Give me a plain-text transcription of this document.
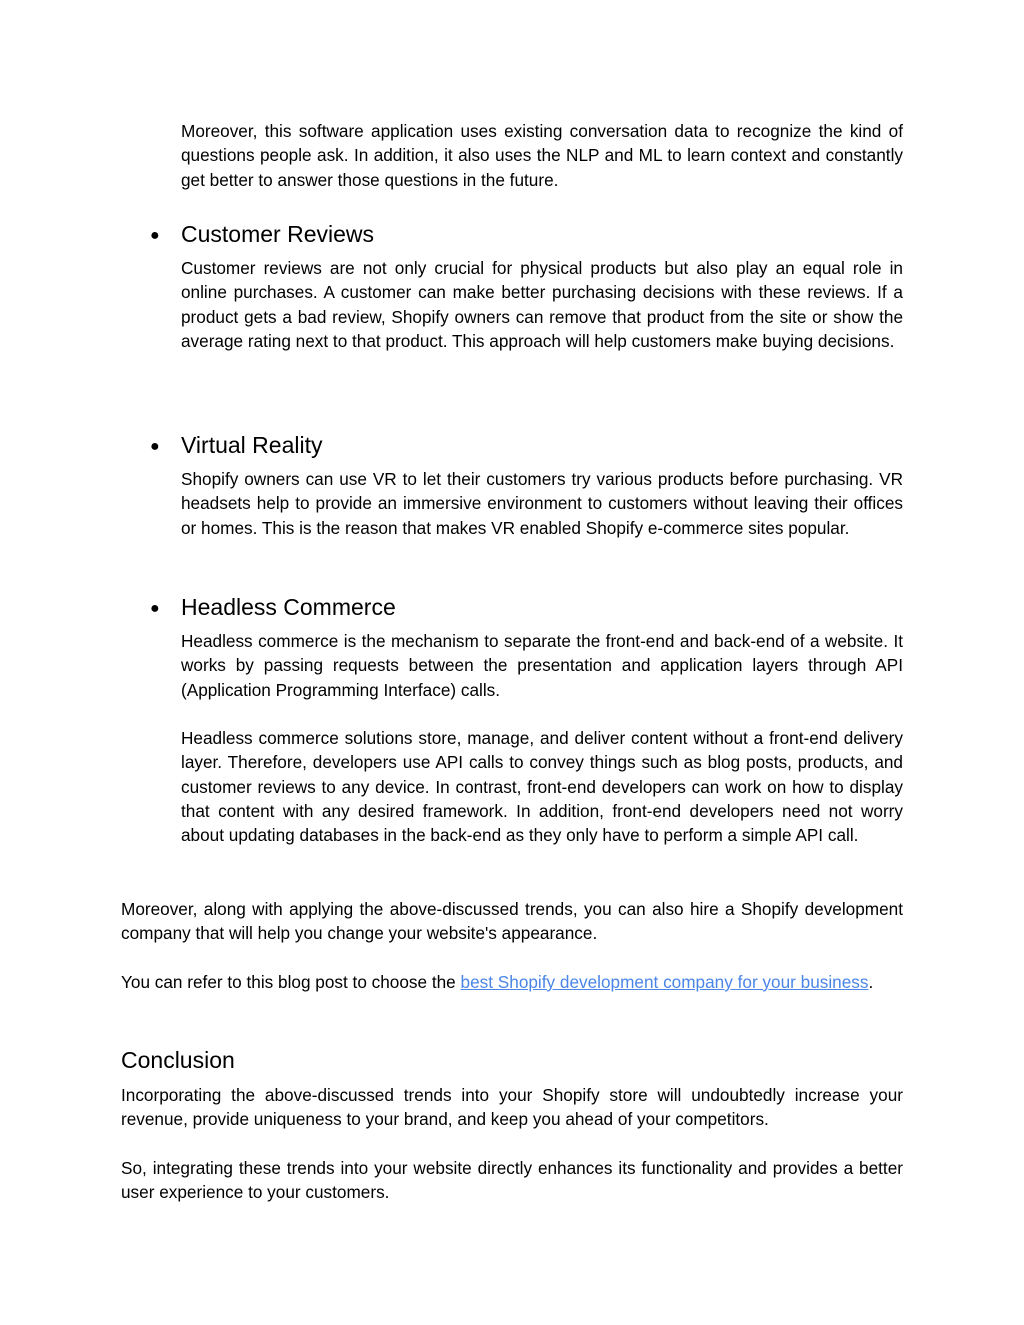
Moreover, this software application uses existing conversation data to recognize the kind of questions people ask. In addition, it also uses the NLP and ML to learn context and constantly get better to answer those questions in the future.

● Customer Reviews

Customer reviews are not only crucial for physical products but also play an equal role in online purchases. A customer can make better purchasing decisions with these reviews. If a product gets a bad review, Shopify owners can remove that product from the site or show the average rating next to that product. This approach will help customers make buying decisions.

● Virtual Reality

Shopify owners can use VR to let their customers try various products before purchasing. VR headsets help to provide an immersive environment to customers without leaving their offices or homes. This is the reason that makes VR enabled Shopify e-commerce sites popular.

● Headless Commerce

Headless commerce is the mechanism to separate the front-end and back-end of a website. It works by passing requests between the presentation and application layers through API (Application Programming Interface) calls.

Headless commerce solutions store, manage, and deliver content without a front-end delivery layer. Therefore, developers use API calls to convey things such as blog posts, products, and customer reviews to any device. In contrast, front-end developers can work on how to display that content with any desired framework. In addition, front-end developers need not worry about updating databases in the back-end as they only have to perform a simple API call.

Moreover, along with applying the above-discussed trends, you can also hire a Shopify development company that will help you change your website's appearance.

You can refer to this blog post to choose the best Shopify development company for your business.

Conclusion

Incorporating the above-discussed trends into your Shopify store will undoubtedly increase your revenue, provide uniqueness to your brand, and keep you ahead of your competitors.

So, integrating these trends into your website directly enhances its functionality and provides a better user experience to your customers.
